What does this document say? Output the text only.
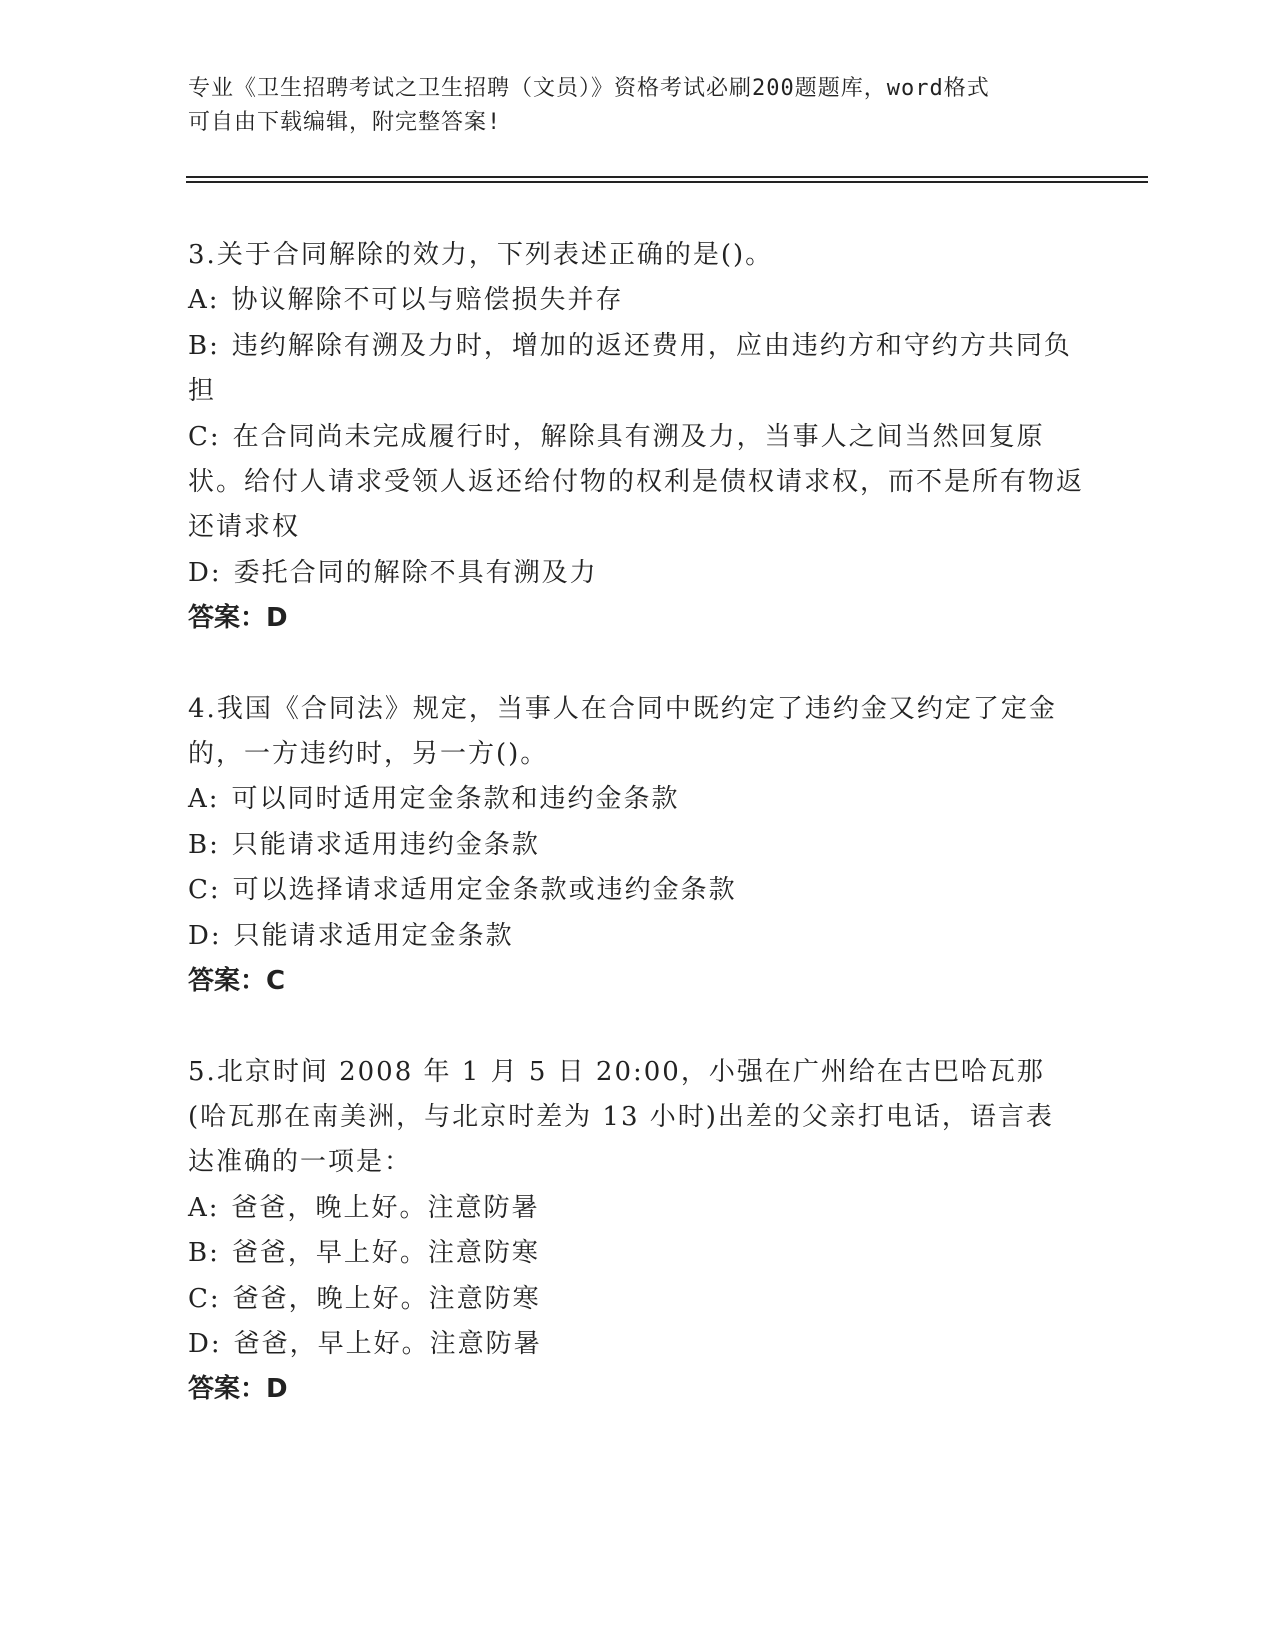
专业《卫生招聘考试之卫生招聘（文员）》资格考试必刷200题题库，word格式
可自由下载编辑，附完整答案!
3.关于合同解除的效力，下列表述正确的是()。
A: 协议解除不可以与赔偿损失并存
B: 违约解除有溯及力时，增加的返还费用，应由违约方和守约方共同负担
C: 在合同尚未完成履行时，解除具有溯及力，当事人之间当然回复原状。给付人请求受领人返还给付物的权利是债权请求权，而不是所有物返还请求权
D: 委托合同的解除不具有溯及力
答案：D
4.我国《合同法》规定，当事人在合同中既约定了违约金又约定了定金的，一方违约时，另一方()。
A: 可以同时适用定金条款和违约金条款
B: 只能请求适用违约金条款
C: 可以选择请求适用定金条款或违约金条款
D: 只能请求适用定金条款
答案：C
5.北京时间 2008 年 1 月 5 日 20:00，小强在广州给在古巴哈瓦那(哈瓦那在南美洲，与北京时差为 13 小时)出差的父亲打电话，语言表达准确的一项是：
A: 爸爸，晚上好。注意防暑
B: 爸爸，早上好。注意防寒
C: 爸爸，晚上好。注意防寒
D: 爸爸，早上好。注意防暑
答案：D
